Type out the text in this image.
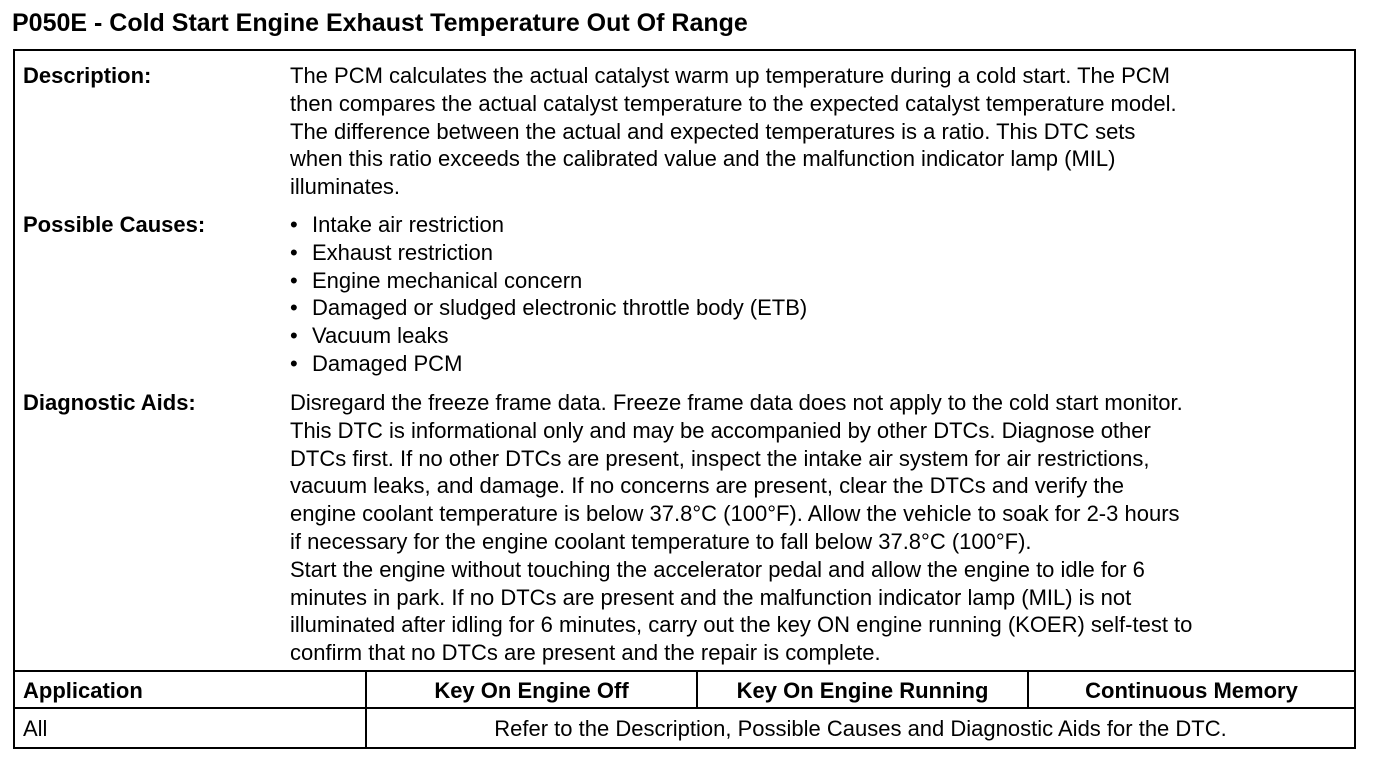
P050E - Cold Start Engine Exhaust Temperature Out Of Range
Description:	The PCM calculates the actual catalyst warm up temperature during a cold start. The PCM

then compares the actual catalyst temperature to the expected catalyst temperature model.

The difference between the actual and expected temperatures is a ratio. This DTC sets

when this ratio exceeds the calibrated value and the malfunction indicator lamp (MIL)

illuminates.

Possible Causes:	• Intake air restriction
• Exhaust restriction
• Engine mechanical concern
• Damaged or sludged electronic throttle body (ETB)
• Vacuum leaks
• Damaged PCM
Diagnostic Aids:	Disregard the freeze frame data. Freeze frame data does not apply to the cold start monitor.

This DTC is informational only and may be accompanied by other DTCs. Diagnose other

DTCs first. If no other DTCs are present, inspect the intake air system for air restrictions,

vacuum leaks, and damage. If no concerns are present, clear the DTCs and verify the

engine coolant temperature is below 37.8°C (100°F). Allow the vehicle to soak for 2-3 hours

if necessary for the engine coolant temperature to fall below 37.8°C (100°F).

Start the engine without touching the accelerator pedal and allow the engine to idle for 6

minutes in park. If no DTCs are present and the malfunction indicator lamp (MIL) is not

illuminated after idling for 6 minutes, carry out the key ON engine running (KOER) self-test to

confirm that no DTCs are present and the repair is complete.

Application	Key On Engine Off	Key On Engine Running	Continuous Memory
All	Refer to the Description, Possible Causes and Diagnostic Aids for the DTC.
